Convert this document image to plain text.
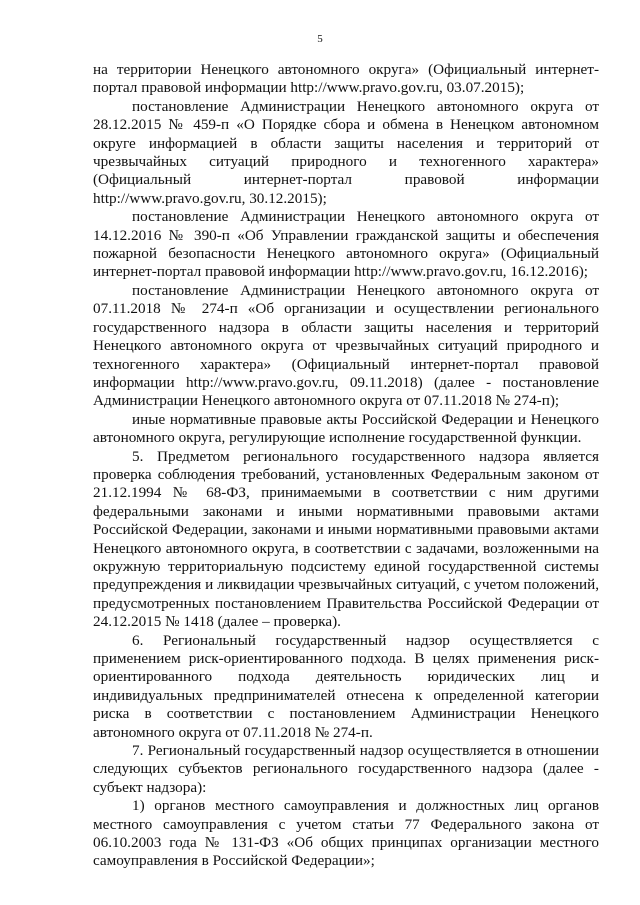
5

на территории Ненецкого автономного округа» (Официальный интернет-портал правовой информации http://www.pravo.gov.ru, 03.07.2015);

постановление Администрации Ненецкого автономного округа от 28.12.2015 № 459-п «О Порядке сбора и обмена в Ненецком автономном округе информацией в области защиты населения и территорий от чрезвычайных ситуаций природного и техногенного характера» (Официальный интернет-портал правовой информации http://www.pravo.gov.ru, 30.12.2015);

постановление Администрации Ненецкого автономного округа от 14.12.2016 № 390-п «Об Управлении гражданской защиты и обеспечения пожарной безопасности Ненецкого автономного округа» (Официальный интернет-портал правовой информации http://www.pravo.gov.ru, 16.12.2016);

постановление Администрации Ненецкого автономного округа от 07.11.2018 № 274-п «Об организации и осуществлении регионального государственного надзора в области защиты населения и территорий Ненецкого автономного округа от чрезвычайных ситуаций природного и техногенного характера» (Официальный интернет-портал правовой информации http://www.pravo.gov.ru, 09.11.2018) (далее - постановление Администрации Ненецкого автономного округа от 07.11.2018 № 274-п);

иные нормативные правовые акты Российской Федерации и Ненецкого автономного округа, регулирующие исполнение государственной функции.

5. Предметом регионального государственного надзора является проверка соблюдения требований, установленных Федеральным законом от 21.12.1994 № 68-ФЗ, принимаемыми в соответствии с ним другими федеральными законами и иными нормативными правовыми актами Российской Федерации, законами и иными нормативными правовыми актами Ненецкого автономного округа, в соответствии с задачами, возложенными на окружную территориальную подсистему единой государственной системы предупреждения и ликвидации чрезвычайных ситуаций, с учетом положений, предусмотренных постановлением Правительства Российской Федерации от 24.12.2015 № 1418 (далее – проверка).

6. Региональный государственный надзор осуществляется с применением риск-ориентированного подхода. В целях применения риск-ориентированного подхода деятельность юридических лиц и индивидуальных предпринимателей отнесена к определенной категории риска в соответствии с постановлением Администрации Ненецкого автономного округа от 07.11.2018 № 274-п.

7. Региональный государственный надзор осуществляется в отношении следующих субъектов регионального государственного надзора (далее - субъект надзора):

1) органов местного самоуправления и должностных лиц органов местного самоуправления с учетом статьи 77 Федерального закона от 06.10.2003 года № 131-ФЗ «Об общих принципах организации местного самоуправления в Российской Федерации»;
